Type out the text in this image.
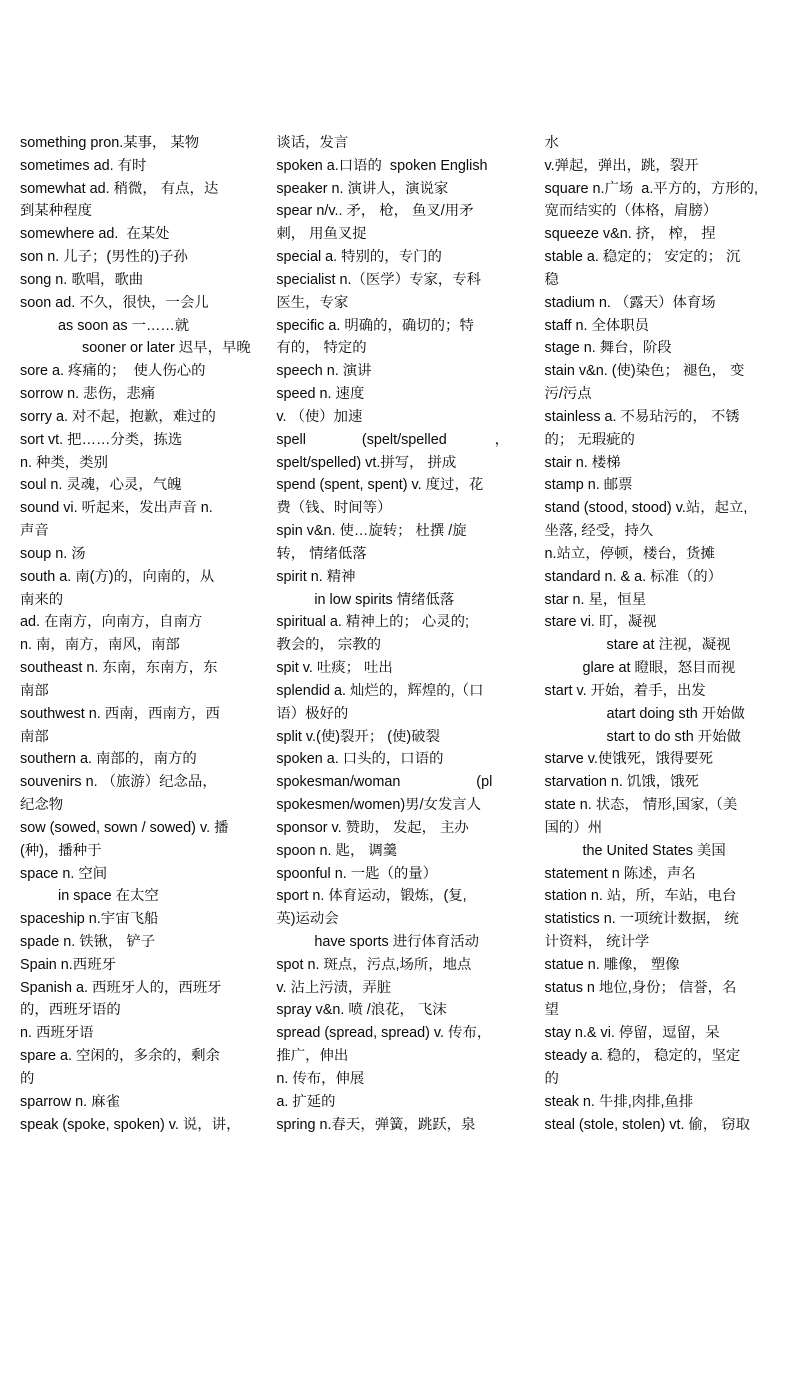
something pron.某事， 某物

sometimes ad. 有时

somewhat ad. 稍微， 有点，达

到某种程度

somewhere ad.  在某处

son n. 儿子；(男性的)子孙

song n. 歌唱，歌曲

soon ad. 不久，很快，一会儿

as soon as 一……就

sooner or later 迟早，早晚

sore a. 疼痛的；  使人伤心的

sorrow n. 悲伤，悲痛

sorry a. 对不起，抱歉，难过的

sort vt. 把……分类，拣选

n. 种类，类别

soul n. 灵魂，心灵，气魄

sound vi. 听起来，发出声音 n.

声音

soup n. 汤

south a. 南(方)的，向南的，从

南来的

ad. 在南方，向南方，自南方

n. 南，南方，南风，南部

southeast n. 东南，东南方，东

南部

southwest n. 西南，西南方，西

南部

southern a. 南部的，南方的

souvenirs n. （旅游）纪念品，

纪念物

sow (sowed, sown / sowed) v. 播

(种)，播种于

space n. 空间

in space 在太空

spaceship n.宇宙飞船

spade n. 铁锹， 铲子

Spain n.西班牙

Spanish a. 西班牙人的，西班牙

的，西班牙语的

n. 西班牙语

spare a. 空闲的，多余的，剩余

的

sparrow n. 麻雀

speak (spoke, spoken) v. 说，讲，

谈话，发言

spoken a.口语的  spoken English

speaker n. 演讲人，演说家

spear n/v.. 矛， 枪， 鱼叉/用矛

刺， 用鱼叉捉

special a. 特别的，专门的

specialist n.（医学）专家，专科

医生，专家

specific a. 明确的，确切的；特

有的， 特定的

speech n. 演讲

speed n. 速度

v. （使）加速

spell              (spelt/spelled            ，

spelt/spelled) vt.拼写， 拼成

spend (spent, spent) v. 度过，花

费（钱、时间等）

spin v&n. 使…旋转； 杜撰 /旋

转， 情绪低落

spirit n. 精神

in low spirits 情绪低落

spiritual a. 精神上的； 心灵的;

教会的， 宗教的

spit v. 吐痰； 吐出

splendid a. 灿烂的，辉煌的,（口

语）极好的

split v.(使)裂开； (使)破裂

spoken a. 口头的，口语的

spokesman/woman                   (pl

spokesmen/women)男/女发言人

sponsor v. 赞助， 发起， 主办

spoon n. 匙， 调羹

spoonful n. 一匙（的量）

sport n. 体育运动，锻炼，(复,

英)运动会

have sports 进行体育活动

spot n. 斑点，污点,场所，地点

v. 沾上污渍，弄脏

spray v&n. 喷 /浪花， 飞沫

spread (spread, spread) v. 传布，

推广，伸出

n. 传布，伸展

a. 扩延的

spring n.春天，弹簧，跳跃，泉

水

v.弹起，弹出，跳，裂开

square n.广场  a.平方的，方形的,

宽而结实的（体格，肩膀）

squeeze v&n. 挤， 榨， 捏

stable a. 稳定的； 安定的； 沉

稳

stadium n. （露天）体育场

staff n. 全体职员

stage n. 舞台，阶段

stain v&n. (使)染色； 褪色， 变

污/污点

stainless a. 不易玷污的， 不锈

的； 无瑕疵的

stair n. 楼梯

stamp n. 邮票

stand (stood, stood) v.站，起立,

坐落, 经受，持久

n.站立，停顿，楼台，货摊

standard n. & a. 标准（的）

star n. 星，恒星

stare vi. 盯，凝视

stare at 注视，凝视

glare at 瞪眼，怒目而视

start v. 开始，着手，出发

atart doing sth 开始做

start to do sth 开始做

starve v.使饿死，饿得要死

starvation n. 饥饿，饿死

state n. 状态， 情形,国家,（美

国的）州

the United States 美国

statement n 陈述，声名

station n. 站，所，车站，电台

statistics n. 一项统计数据， 统

计资料， 统计学

statue n. 雕像， 塑像

status n 地位,身份； 信誉，名

望

stay n.& vi. 停留，逗留，呆

steady a. 稳的， 稳定的，坚定

的

steak n. 牛排,肉排,鱼排

steal (stole, stolen) vt. 偷， 窃取
